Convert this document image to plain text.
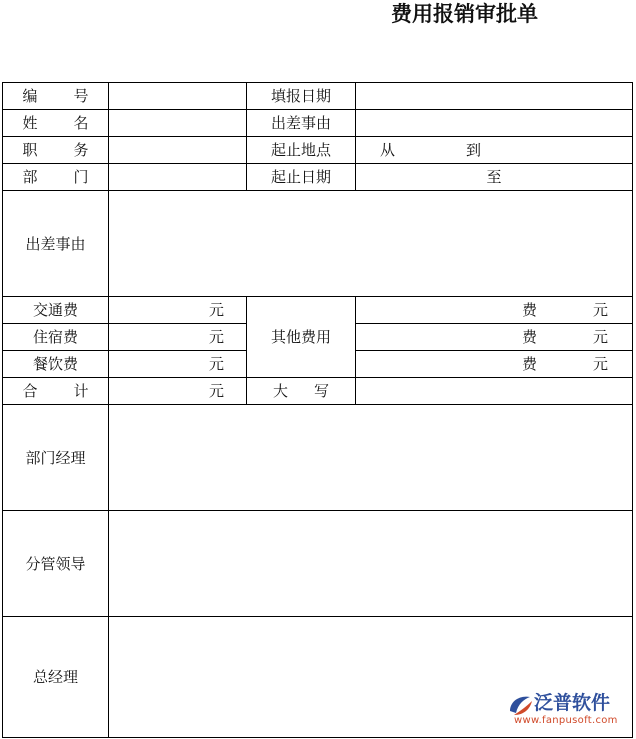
费用报销审批单
编 号		填报日期	
姓 名		出差事由	
职 务		起止地点	从 到
部 门		起止日期	至
出差事由			
交通费	元	其他费用	费 元
住宿费	元		费 元
餐饮费	元		费 元
合 计	元	大 写	
部门经理			
分管领导			
总经理			
泛普软件
www.fanpusoft.com
